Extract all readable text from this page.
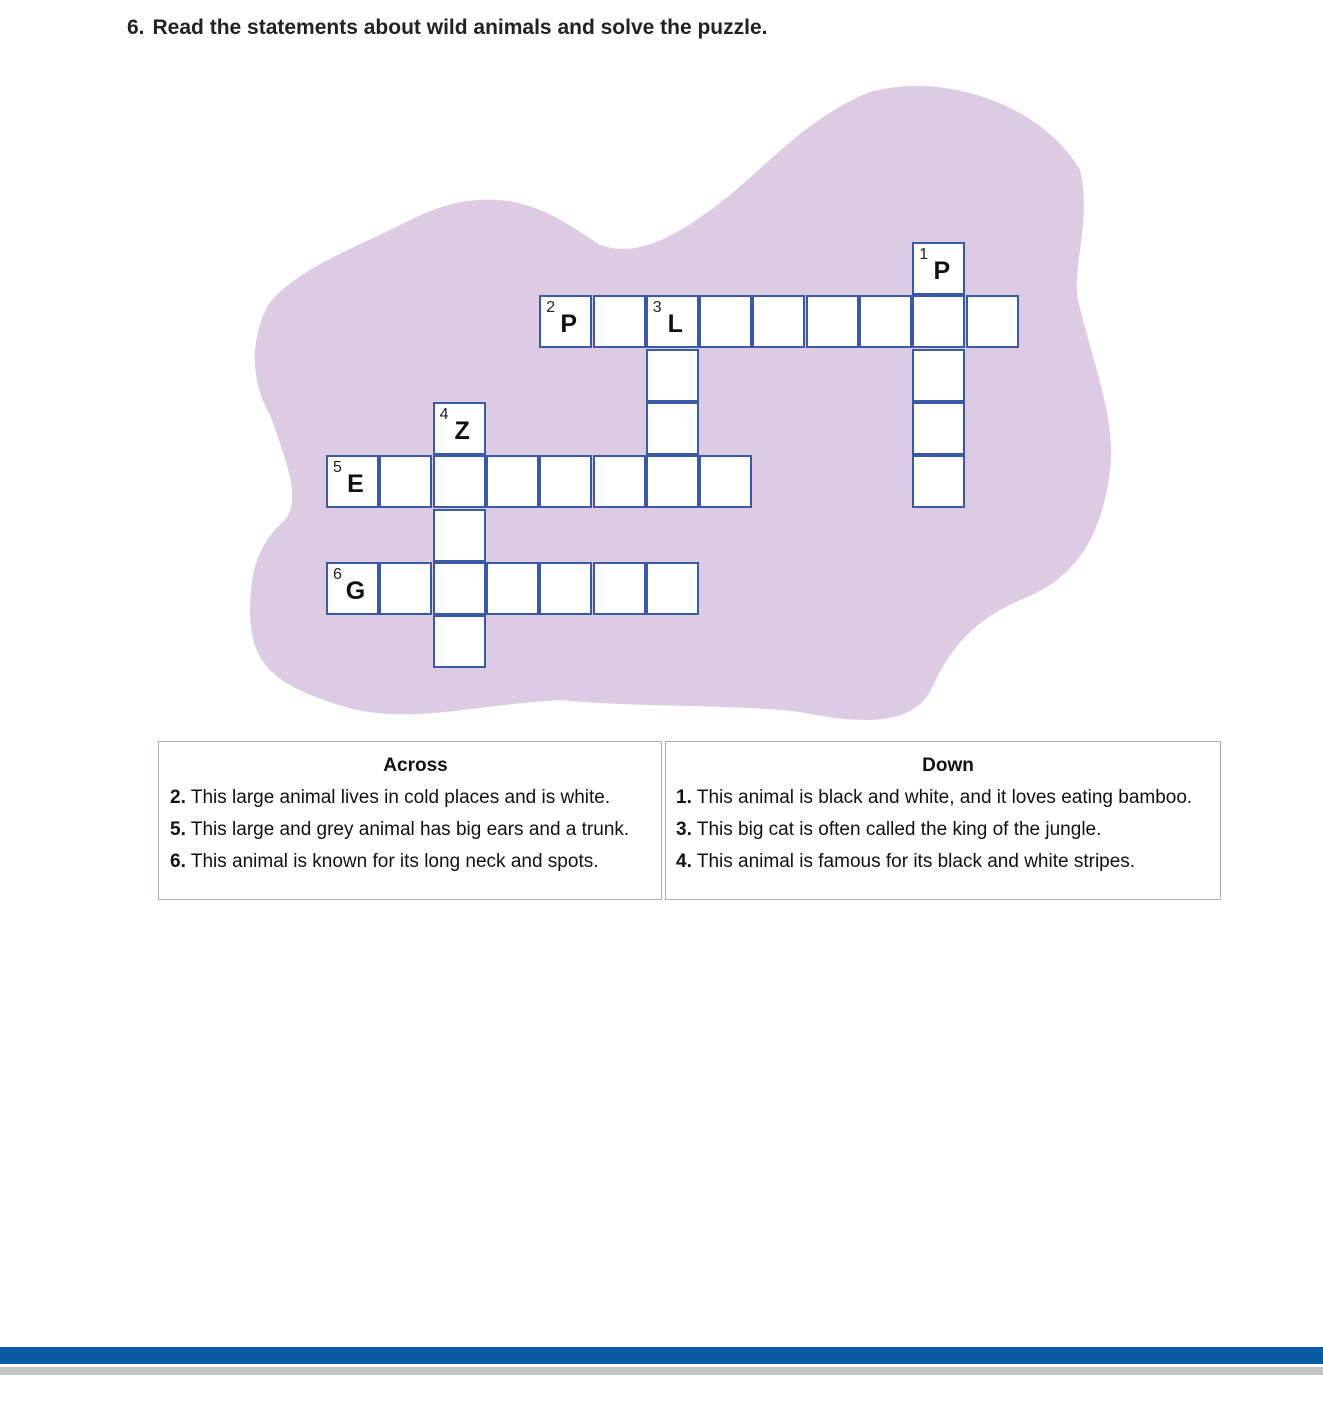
6. Read the statements about wild animals and solve the puzzle.
1
P
2
P
3
L
4
Z
5
E
6
G
Across
2. This large animal lives in cold places and is white.
5. This large and grey animal has big ears and a trunk.
6. This animal is known for its long neck and spots.
Down
1. This animal is black and white, and it loves eating bamboo.
3. This big cat is often called the king of the jungle.
4. This animal is famous for its black and white stripes.
